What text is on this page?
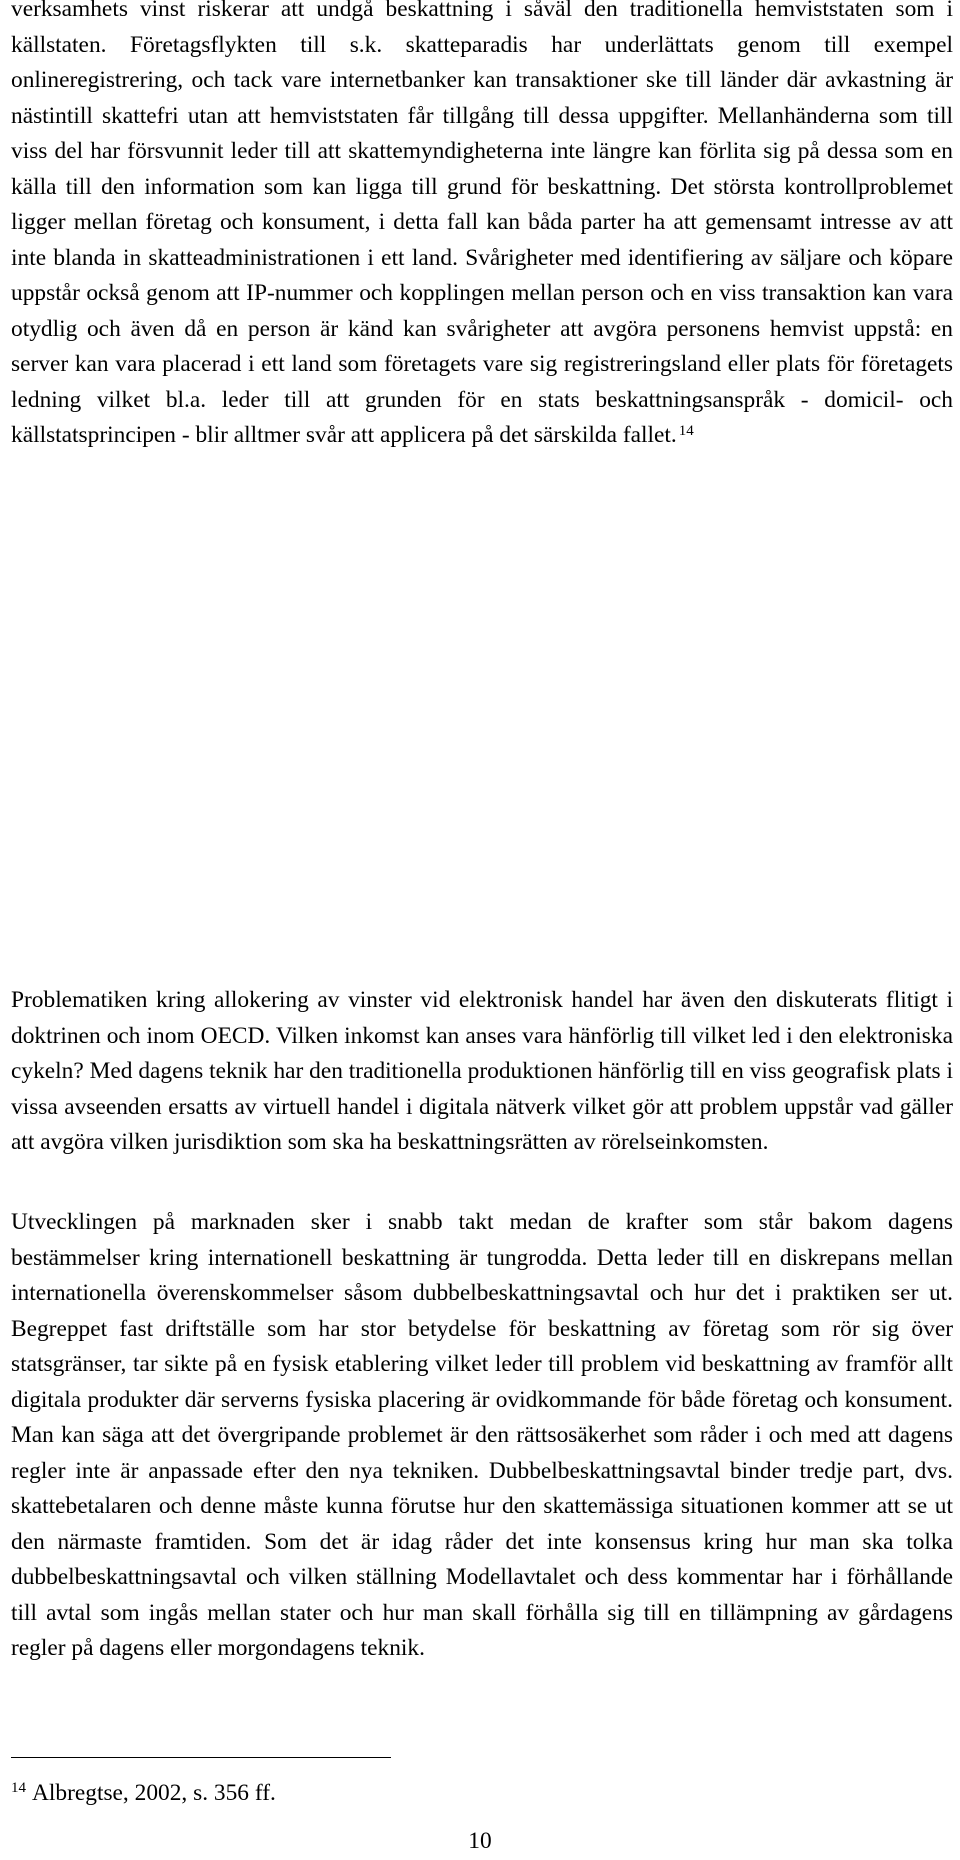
verksamhets vinst riskerar att undgå beskattning i såväl den traditionella hemviststaten som i källstaten. Företagsflykten till s.k. skatteparadis har underlättats genom till exempel onlineregistrering, och tack vare internetbanker kan transaktioner ske till länder där avkastning är nästintill skattefri utan att hemviststaten får tillgång till dessa uppgifter. Mellanhänderna som till viss del har försvunnit leder till att skattemyndigheterna inte längre kan förlita sig på dessa som en källa till den information som kan ligga till grund för beskattning. Det största kontrollproblemet ligger mellan företag och konsument, i detta fall kan båda parter ha att gemensamt intresse av att inte blanda in skatteadministrationen i ett land. Svårigheter med identifiering av säljare och köpare uppstår också genom att IP-nummer och kopplingen mellan person och en viss transaktion kan vara otydlig och även då en person är känd kan svårigheter att avgöra personens hemvist uppstå: en server kan vara placerad i ett land som företagets vare sig registreringsland eller plats för företagets ledning vilket bl.a. leder till att grunden för en stats beskattningsanspråk - domicil- och källstatsprincipen - blir alltmer svår att applicera på det särskilda fallet. $^{14}$

Problematiken kring allokering av vinster vid elektronisk handel har även den diskuterats flitigt i doktrinen och inom OECD. Vilken inkomst kan anses vara hänförlig till vilket led i den elektroniska cykeln? Med dagens teknik har den traditionella produktionen hänförlig till en viss geografisk plats i vissa avseenden ersatts av virtuell handel i digitala nätverk vilket gör att problem uppstår vad gäller att avgöra vilken jurisdiktion som ska ha beskattningsrätten av rörelseinkomsten.

Utvecklingen på marknaden sker i snabb takt medan de krafter som står bakom dagens bestämmelser kring internationell beskattning är tungrodda. Detta leder till en diskrepans mellan internationella överenskommelser såsom dubbelbeskattningsavtal och hur det i praktiken ser ut. Begreppet fast driftställe som har stor betydelse för beskattning av företag som rör sig över statsgränser, tar sikte på en fysisk etablering vilket leder till problem vid beskattning av framför allt digitala produkter där serverns fysiska placering är ovidkommande för både företag och konsument. Man kan säga att det övergripande problemet är den rättsosäkerhet som råder i och med att dagens regler inte är anpassade efter den nya tekniken. Dubbelbeskattningsavtal binder tredje part, dvs. skattebetalaren och denne måste kunna förutse hur den skattemässiga situationen kommer att se ut den närmaste framtiden. Som det är idag råder det inte konsensus kring hur man ska tolka dubbelbeskattningsavtal och vilken ställning Modellavtalet och dess kommentar har i förhållande till avtal som ingås mellan stater och hur man skall förhålla sig till en tillämpning av gårdagens regler på dagens eller morgondagens teknik.

$^{14}$ Albregtse, 2002, s. 356 ff.
10
